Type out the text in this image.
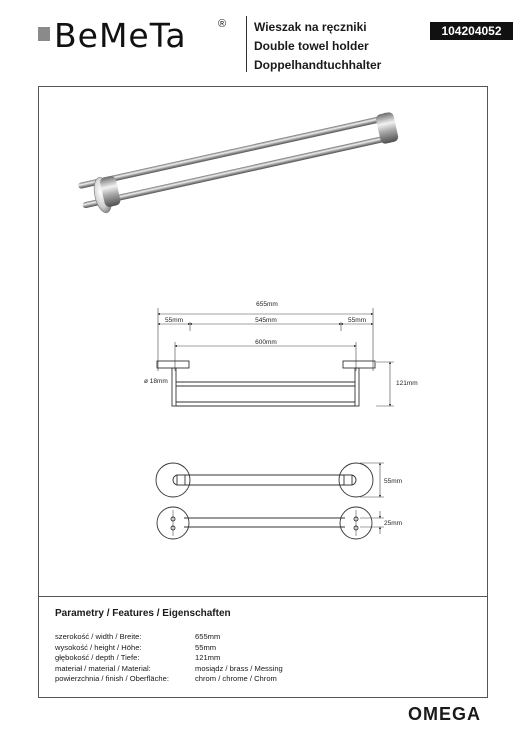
BeMeTa	® Wieszak na ręczniki
Double towel holder
Doppelhandtuchhalter
104204052
655mm
55mm	545mm	55mm
600mm
ø 18mm	121mm
55mm
25mm
Parametry / Features / Eigenschaften
szerokość / width / Breite:	655mm
wysokość / height / Höhe:	55mm
głębokość / depth / Tiefe:	121mm
materiał / material / Material:	mosiądz / brass / Messing
powierzchnia / finish / Oberfläche:	chrom / chrome / Chrom
OMEGA
